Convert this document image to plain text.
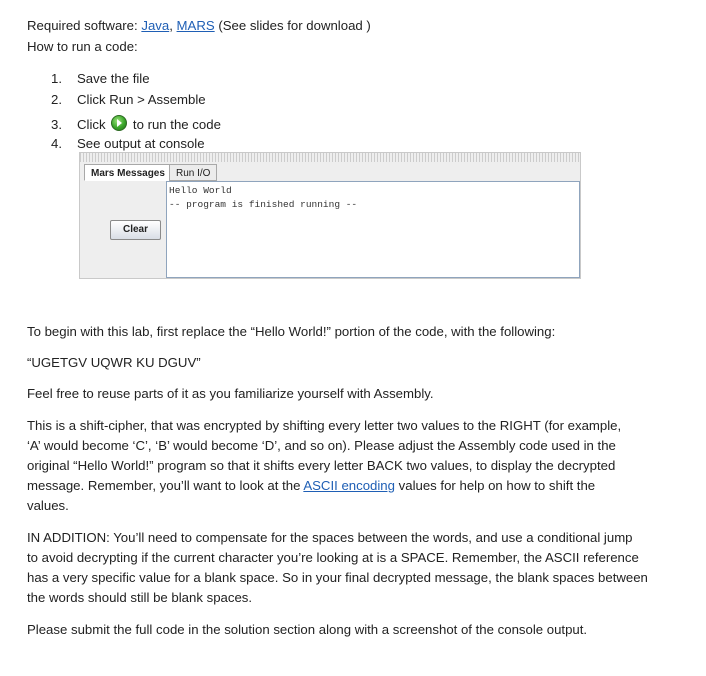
Required software: Java, MARS (See slides for download )
How to run a code:
1. Save the file
2. Click Run > Assemble
3. Click to run the code
4. See output at console
Mars Messages	Run I/O
Hello World
-- program is finished running --
Clear
To begin with this lab, first replace the “Hello World!” portion of the code, with the following:
“UGETGV UQWR KU DGUV”
Feel free to reuse parts of it as you familiarize yourself with Assembly.
This is a shift-cipher, that was encrypted by shifting every letter two values to the RIGHT (for example,
‘A’ would become ‘C’, ‘B’ would become ‘D’, and so on). Please adjust the Assembly code used in the
original “Hello World!” program so that it shifts every letter BACK two values, to display the decrypted
message. Remember, you’ll want to look at the ASCII encoding values for help on how to shift the
values.
IN ADDITION: You’ll need to compensate for the spaces between the words, and use a conditional jump
to avoid decrypting if the current character you’re looking at is a SPACE. Remember, the ASCII reference
has a very specific value for a blank space. So in your final decrypted message, the blank spaces between
the words should still be blank spaces.
Please submit the full code in the solution section along with a screenshot of the console output.
